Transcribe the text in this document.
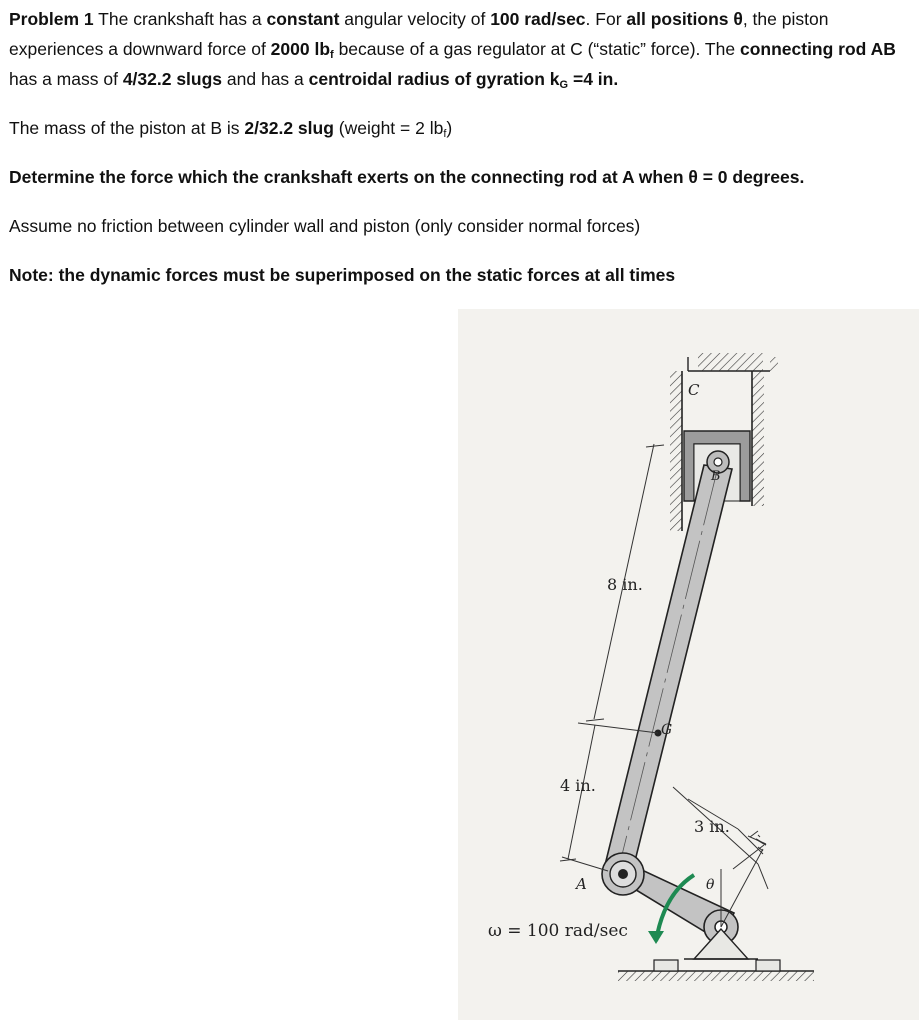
Problem 1 The crankshaft has a constant angular velocity of 100 rad/sec. For all positions θ, the piston experiences a downward force of 2000 $lb_f$ because of a gas regulator at C (“static” force). The connecting rod AB has a mass of 4/32.2 slugs and has a centroidal radius of gyration $k_G =4$ in.

The mass of the piston at B is 2/32.2 slug (weight = 2 $lb_f$)

Determine the force which the crankshaft exerts on the connecting rod at A when θ = 0 degrees.

Assume no friction between cylinder wall and piston (only consider normal forces)

Note: the dynamic forces must be superimposed on the static forces at all times

C
B
G
A	θ
8 in.
4 in.
3 in.
ω = 100 rad/sec
